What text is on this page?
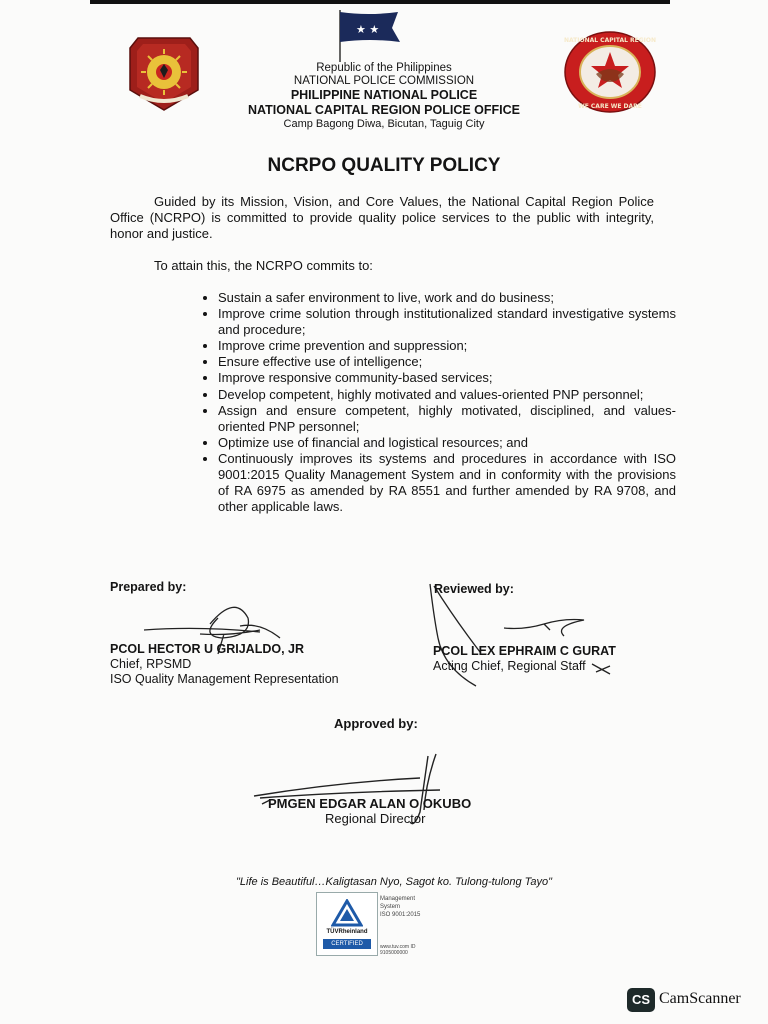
★ ★
NATIONAL CAPITAL REGION
WE CARE WE DARE
Republic of the Philippines
NATIONAL POLICE COMMISSION
PHILIPPINE NATIONAL POLICE
NATIONAL CAPITAL REGION POLICE OFFICE
Camp Bagong Diwa, Bicutan, Taguig City
NCRPO QUALITY POLICY
Guided by its Mission, Vision, and Core Values, the National Capital Region Police Office (NCRPO) is committed to provide quality police services to the public with integrity, honor and justice.
To attain this, the NCRPO commits to:
• Sustain a safer environment to live, work and do business;
• Improve crime solution through institutionalized standard investigative systems and procedure;
• Improve crime prevention and suppression;
• Ensure effective use of intelligence;
• Improve responsive community-based services;
• Develop competent, highly motivated and values-oriented PNP personnel;
• Assign and ensure competent, highly motivated, disciplined, and values-oriented PNP personnel;
• Optimize use of financial and logistical resources; and
• Continuously improves its systems and procedures in accordance with ISO 9001:2015 Quality Management System and in conformity with the provisions of RA 6975 as amended by RA 8551 and further amended by RA 9708, and other applicable laws.
Prepared by:
PCOL HECTOR U GRIJALDO, JR
Chief, RPSMD
ISO Quality Management Representation
Reviewed by:
PCOL LEX EPHRAIM C GURAT
Acting Chief, Regional Staff
Approved by:
PMGEN EDGAR ALAN O OKUBO
Regional Director
"Life is Beautiful…Kaligtasan Nyo, Sagot ko. Tulong-tulong Tayo"
TÜVRheinland
CERTIFIED
Management
System
ISO 9001:2015
www.tuv.com ID 9105000000
CS CamScanner
